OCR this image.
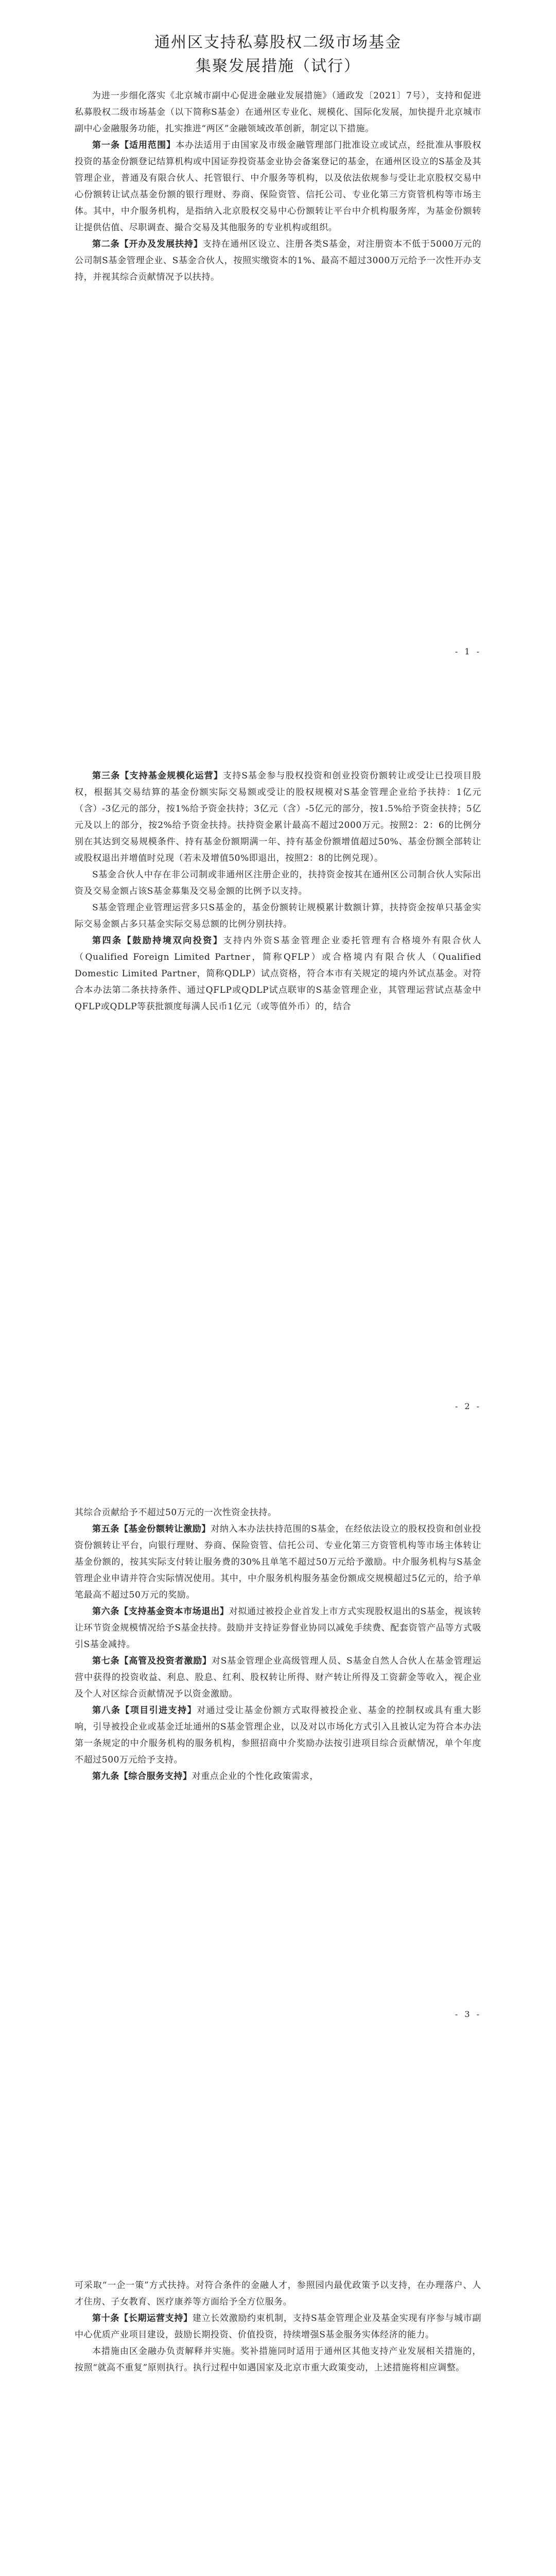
通州区支持私募股权二级市场基金
集聚发展措施（试行）

为进一步细化落实《北京城市副中心促进金融业发展措施》（通政发〔2021〕7号），支持和促进私募股权二级市场基金（以下简称S基金）在通州区专业化、规模化、国际化发展，加快提升北京城市副中心金融服务功能，扎实推进“两区”金融领域改革创新，制定以下措施。

第一条【适用范围】本办法适用于由国家及市级金融管理部门批准设立或试点，经批准从事股权投资的基金份额登记结算机构或中国证券投资基金业协会备案登记的基金，在通州区设立的S基金及其管理企业，普通及有限合伙人、托管银行、中介服务等机构，以及依法依规参与受让北京股权交易中心份额转让试点基金份额的银行理财、券商、保险资管、信托公司、专业化第三方资管机构等市场主体。其中，中介服务机构，是指纳入北京股权交易中心份额转让平台中介机构服务库，为基金份额转让提供估值、尽职调查、撮合交易及其他服务的专业机构或组织。

第二条【开办及发展扶持】支持在通州区设立、注册各类S基金，对注册资本不低于5000万元的公司制S基金管理企业、S基金合伙人，按照实缴资本的1%、最高不超过3000万元给予一次性开办支持，并视其综合贡献情况予以扶持。

- 1 -

第三条【支持基金规模化运营】支持S基金参与股权投资和创业投资份额转让或受让已投项目股权，根据其交易结算的基金份额实际交易额或受让的股权规模对S基金管理企业给予扶持：1亿元（含）-3亿元的部分，按1%给予资金扶持；3亿元（含）-5亿元的部分，按1.5%给予资金扶持；5亿元及以上的部分，按2%给予资金扶持。扶持资金累计最高不超过2000万元。按照2：2：6的比例分别在其达到交易规模条件、持有基金份额期满一年、持有基金份额增值超过50%、基金份额全部转让或股权退出并增值时兑现（若未及增值50%即退出，按照2：8的比例兑现）。

S基金合伙人中存在非公司制或非通州区注册企业的，扶持资金按其在通州区公司制合伙人实际出资及交易金额占该S基金募集及交易金额的比例予以支持。

S基金管理企业管理运营多只S基金的，基金份额转让规模累计数额计算，扶持资金按单只基金实际交易金额占多只基金实际交易总额的比例分别扶持。

第四条【鼓励持境双向投资】支持内外资S基金管理企业委托管理有合格境外有限合伙人（Qualified Foreign Limited Partner，简称QFLP）或合格境内有限合伙人（Qualified Domestic Limited Partner，简称QDLP）试点资格，符合本市有关规定的境内外试点基金。对符合本办法第二条扶持条件、通过QFLP或QDLP试点联审的S基金管理企业，其管理运营试点基金中QFLP或QDLP等获批额度每满人民币1亿元（或等值外币）的，结合

- 2 -

其综合贡献给予不超过50万元的一次性资金扶持。

第五条【基金份额转让激励】对纳入本办法扶持范围的S基金，在经依法设立的股权投资和创业投资份额转让平台，向银行理财、券商、保险资管、信托公司、专业化第三方资管机构等市场主体转让基金份额的，按其实际支付转让服务费的30%且单笔不超过50万元给予激励。中介服务机构与S基金管理企业申请并符合实际情况使用。其中，中介服务机构服务基金份额成交规模超过5亿元的，给予单笔最高不超过50万元的奖励。

第六条【支持基金资本市场退出】对拟通过被投企业首发上市方式实现股权退出的S基金，视该转让环节资金规模情况给予S基金扶持。鼓励并支持证券督业协同以减免手续费、配套资管产品等方式吸引S基金减持。

第七条【高管及投资者激励】对S基金管理企业高级管理人员、S基金自然人合伙人在基金管理运营中获得的投资收益、利息、股息、红利、股权转让所得、财产转让所得及工资薪金等收入，视企业及个人对区综合贡献情况予以资金激励。

第八条【项目引进支持】对通过受让基金份额方式取得被投企业、基金的控制权或具有重大影响，引导被投企业或基金迁址通州的S基金管理企业，以及对以市场化方式引入且被认定为符合本办法第一条规定的中介服务机构的服务机构，参照招商中介奖励办法按引进项目综合贡献情况，单个年度不超过500万元给予支持。

第九条【综合服务支持】对重点企业的个性化政策需求，

- 3 -

可采取“一企一策”方式扶持。对符合条件的金融人才，参照园内最优政策予以支持，在办理落户、人才住房、子女教育、医疗康养等方面给予全方位服务。

第十条【长期运营支持】建立长效激励约束机制，支持S基金管理企业及基金实现有序参与城市副中心优质产业项目建设，鼓励长期投资、价值投资，持续增强S基金服务实体经济的能力。

本措施由区金融办负责解释并实施。奖补措施同时适用于通州区其他支持产业发展相关措施的，按照“就高不重复”原则执行。执行过程中如遇国家及北京市重大政策变动，上述措施将相应调整。
